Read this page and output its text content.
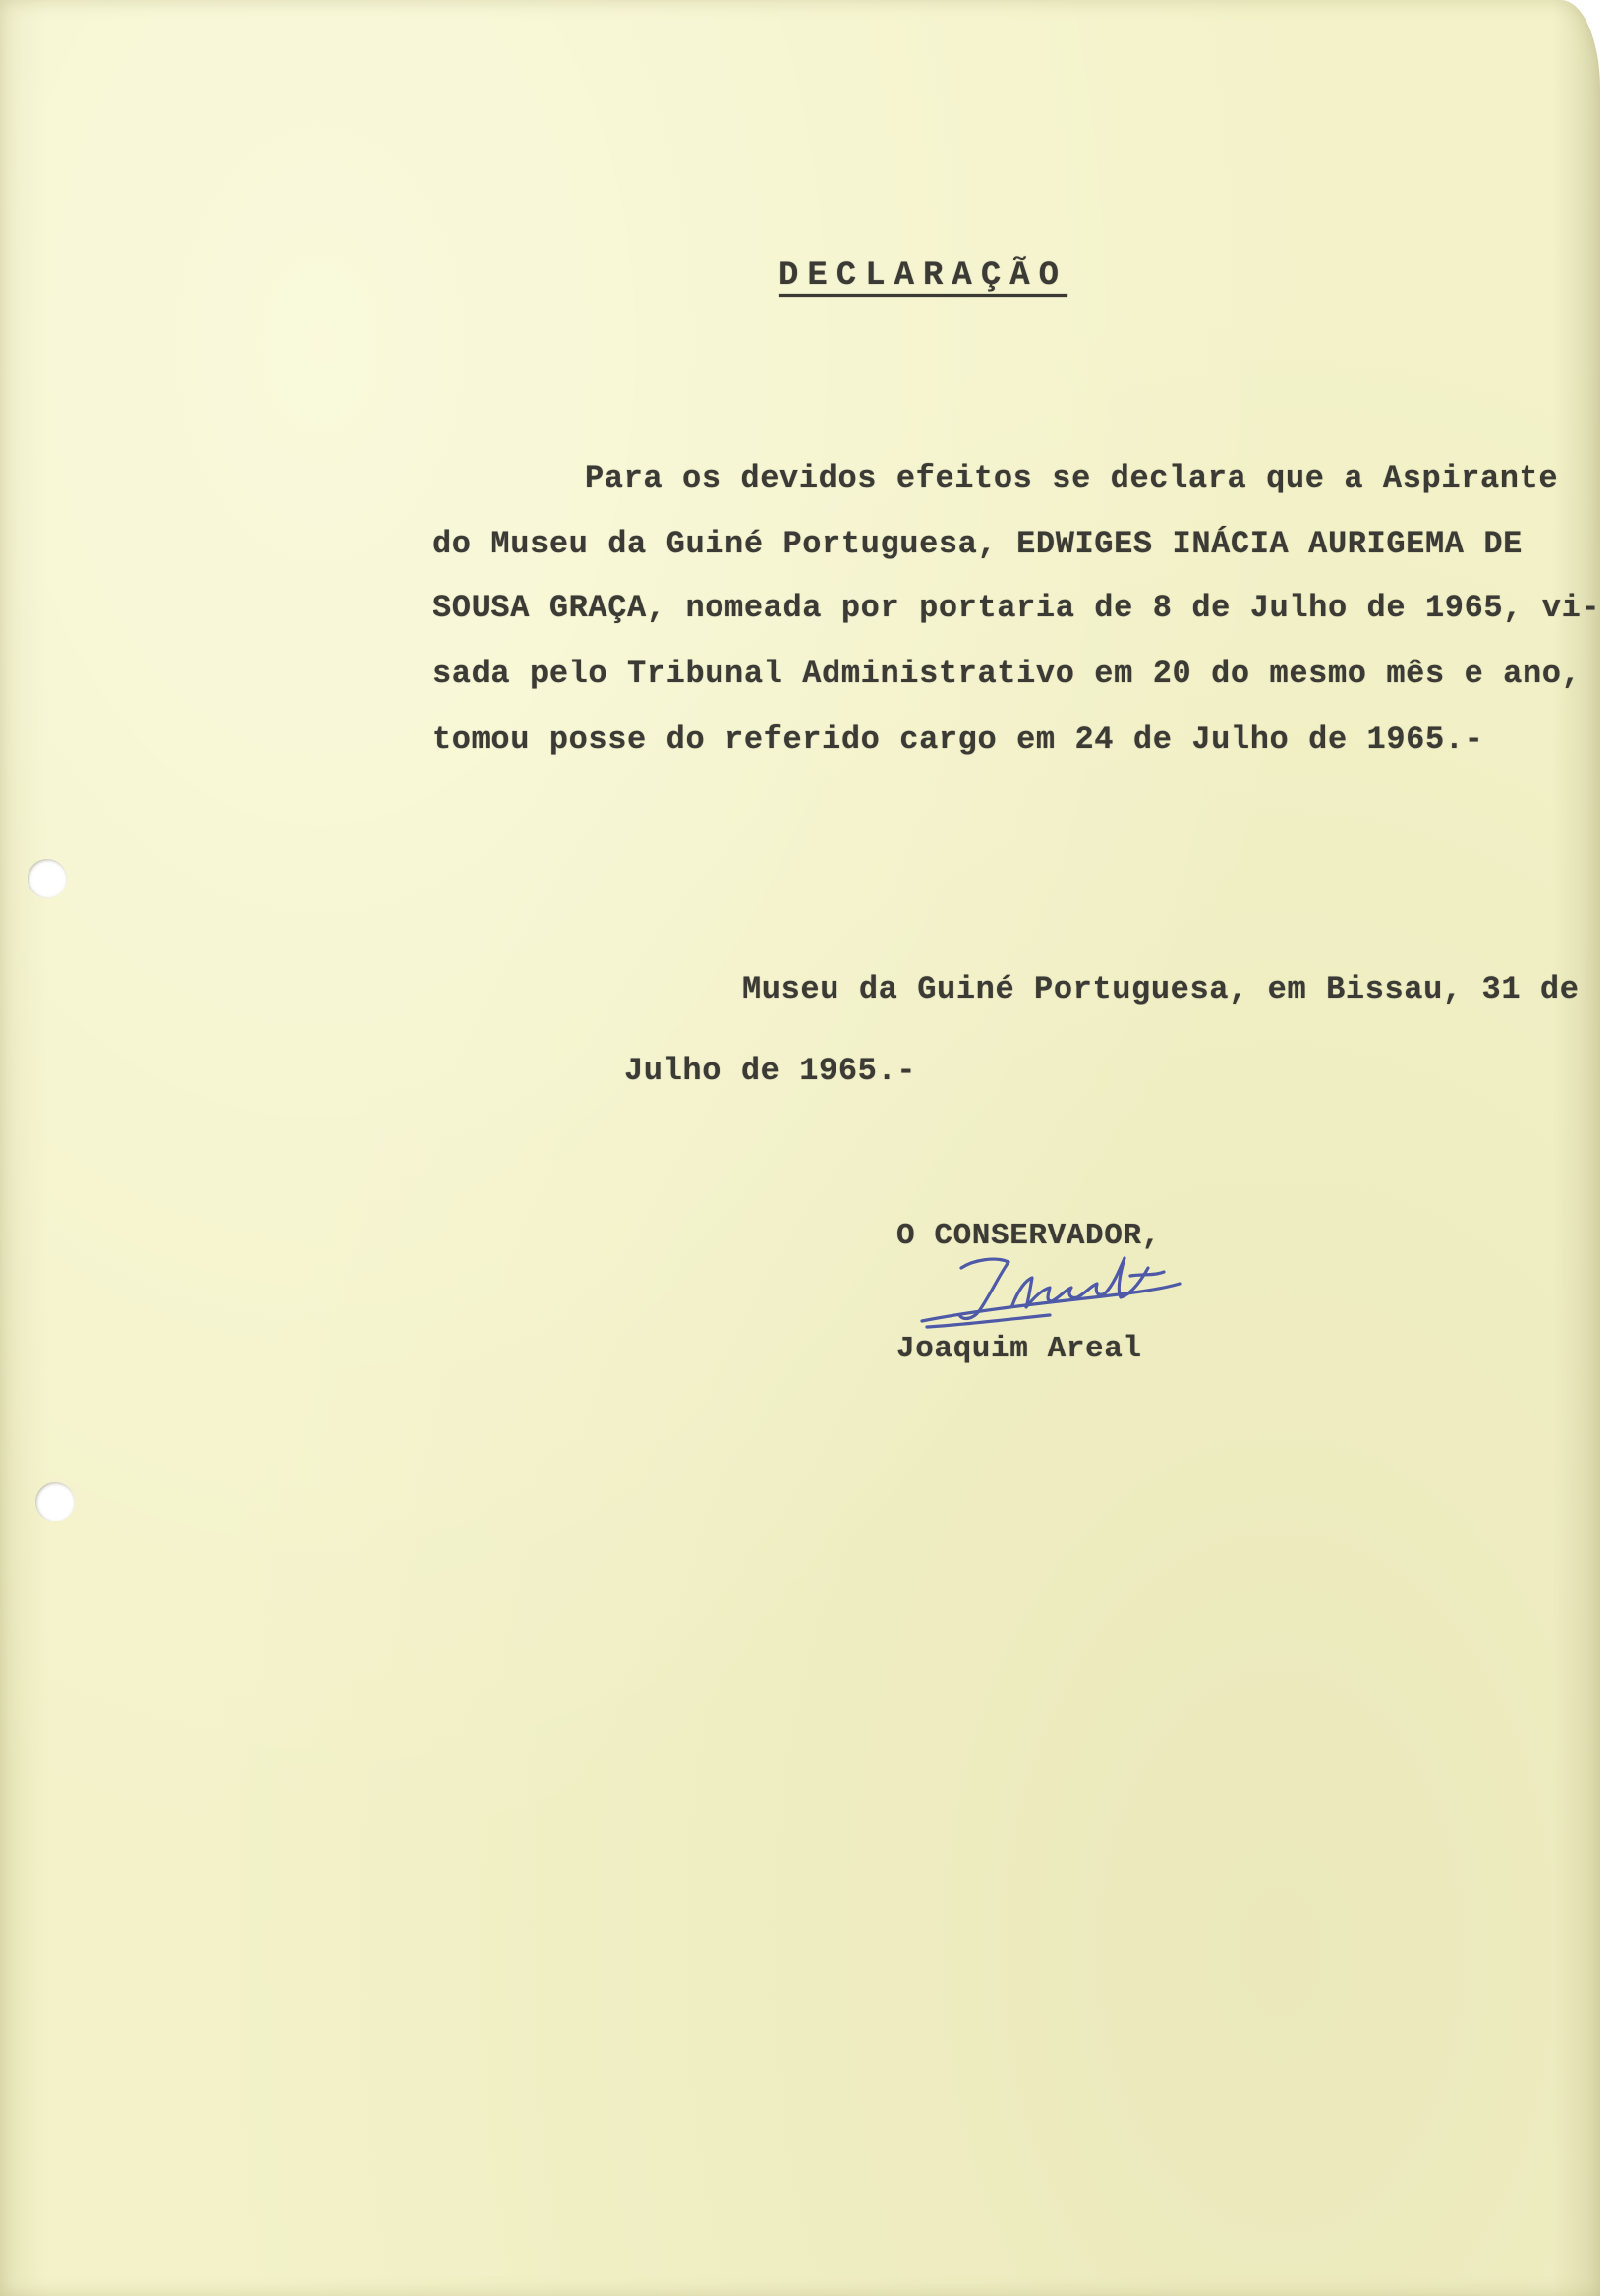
DECLARAÇÃO
Para os devidos efeitos se declara que a Aspirante
do Museu da Guiné Portuguesa, EDWIGES INÁCIA AURIGEMA DE
SOUSA GRAÇA, nomeada por portaria de 8 de Julho de 1965, vi-
sada pelo Tribunal Administrativo em 20 do mesmo mês e ano,
tomou posse do referido cargo em 24 de Julho de 1965.-
Museu da Guiné Portuguesa, em Bissau, 31 de
Julho de 1965.-
O CONSERVADOR,
Joaquim Areal
